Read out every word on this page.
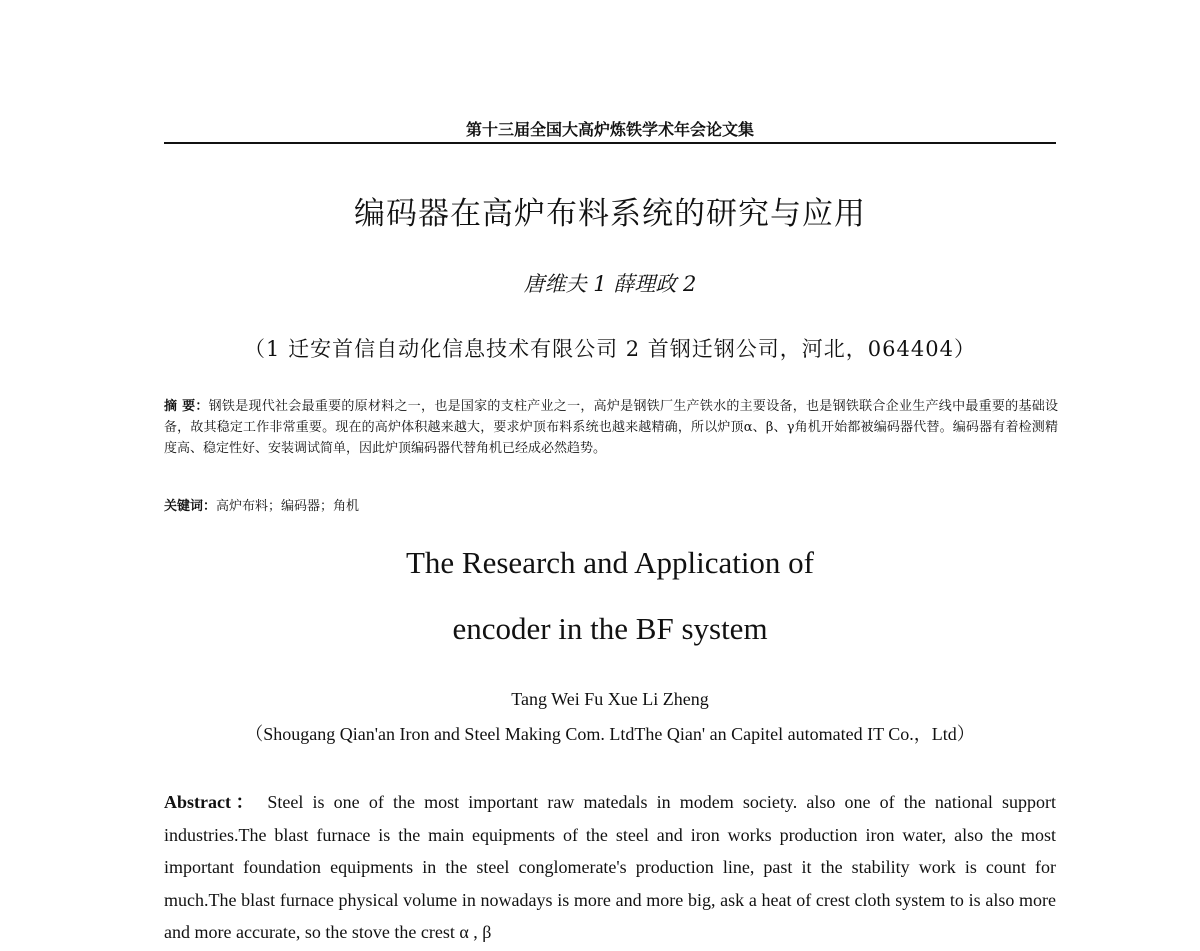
第十三届全国大高炉炼铁学术年会论文集
编码器在高炉布料系统的研究与应用
唐维夫 1 薛理政 2
（1 迁安首信自动化信息技术有限公司 2 首钢迁钢公司，河北，064404）
摘 要：钢铁是现代社会最重要的原材料之一，也是国家的支柱产业之一，高炉是钢铁厂生产铁水的主要设备，也是钢铁联合企业生产线中最重要的基础设备，故其稳定工作非常重要。现在的高炉体积越来越大，要求炉顶布料系统也越来越精确，所以炉顶α、β、γ角机开始都被编码器代替。编码器有着检测精度高、稳定性好、安装调试简单，因此炉顶编码器代替角机已经成必然趋势。
关键词：高炉布料；编码器；角机
The Research and Application of
encoder in the BF system
Tang Wei Fu Xue Li Zheng
（Shougang Qian'an Iron and Steel Making Com. LtdThe Qian' an Capitel automated IT Co.，Ltd）
Abstract： Steel is one of the most important raw matedals in modem society. also one of the national support industries.The blast furnace is the main equipments of the steel and iron works production iron water, also the most important foundation equipments in the steel conglomerate's production line, past it the stability work is count for much.The blast furnace physical volume in nowadays is more and more big, ask a heat of crest cloth system to is also more and more accurate, so the stove the crest α , β
